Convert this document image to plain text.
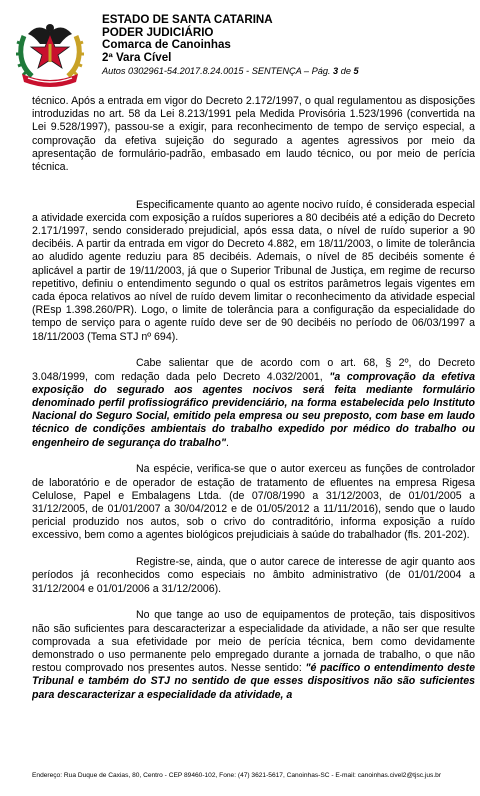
ESTADO DE SANTA CATARINA
PODER JUDICIÁRIO
Comarca de Canoinhas
2ª Vara Cível
Autos 0302961-54.2017.8.24.0015 - SENTENÇA – Pág. 3 de 5

técnico. Após a entrada em vigor do Decreto 2.172/1997, o qual regulamentou as disposições introduzidas no art. 58 da Lei 8.213/1991 pela Medida Provisória 1.523/1996 (convertida na Lei 9.528/1997), passou-se a exigir, para reconhecimento de tempo de serviço especial, a comprovação da efetiva sujeição do segurado a agentes agressivos por meio da apresentação de formulário-padrão, embasado em laudo técnico, ou por meio de perícia técnica.

Especificamente quanto ao agente nocivo ruído, é considerada especial a atividade exercida com exposição a ruídos superiores a 80 decibéis até a edição do Decreto 2.171/1997, sendo considerado prejudicial, após essa data, o nível de ruído superior a 90 decibéis. A partir da entrada em vigor do Decreto 4.882, em 18/11/2003, o limite de tolerância ao aludido agente reduziu para 85 decibéis. Ademais, o nível de 85 decibéis somente é aplicável a partir de 19/11/2003, já que o Superior Tribunal de Justiça, em regime de recurso repetitivo, definiu o entendimento segundo o qual os estritos parâmetros legais vigentes em cada época relativos ao nível de ruído devem limitar o reconhecimento da atividade especial (REsp 1.398.260/PR). Logo, o limite de tolerância para a configuração da especialidade do tempo de serviço para o agente ruído deve ser de 90 decibéis no período de 06/03/1997 a 18/11/2003 (Tema STJ nº 694).

Cabe salientar que de acordo com o art. 68, § 2º, do Decreto 3.048/1999, com redação dada pelo Decreto 4.032/2001, "a comprovação da efetiva exposição do segurado aos agentes nocivos será feita mediante formulário denominado perfil profissiográfico previdenciário, na forma estabelecida pelo Instituto Nacional do Seguro Social, emitido pela empresa ou seu preposto, com base em laudo técnico de condições ambientais do trabalho expedido por médico do trabalho ou engenheiro de segurança do trabalho".

Na espécie, verifica-se que o autor exerceu as funções de controlador de laboratório e de operador de estação de tratamento de efluentes na empresa Rigesa Celulose, Papel e Embalagens Ltda. (de 07/08/1990 a 31/12/2003, de 01/01/2005 a 31/12/2005, de 01/01/2007 a 30/04/2012 e de 01/05/2012 a 11/11/2016), sendo que o laudo pericial produzido nos autos, sob o crivo do contraditório, informa exposição a ruído excessivo, bem como a agentes biológicos prejudiciais à saúde do trabalhador (fls. 201-202).

Registre-se, ainda, que o autor carece de interesse de agir quanto aos períodos já reconhecidos como especiais no âmbito administrativo (de 01/01/2004 a 31/12/2004 e 01/01/2006 a 31/12/2006).

No que tange ao uso de equipamentos de proteção, tais dispositivos não são suficientes para descaracterizar a especialidade da atividade, a não ser que resulte comprovada a sua efetividade por meio de perícia técnica, bem como devidamente demonstrado o uso permanente pelo empregado durante a jornada de trabalho, o que não restou comprovado nos presentes autos. Nesse sentido: "é pacífico o entendimento deste Tribunal e também do STJ no sentido de que esses dispositivos não são suficientes para descaracterizar a especialidade da atividade, a

Endereço: Rua Duque de Caxias, 80, Centro - CEP 89460-102, Fone: (47) 3621-5617, Canoinhas-SC - E-mail: canoinhas.civel2@tjsc.jus.br
